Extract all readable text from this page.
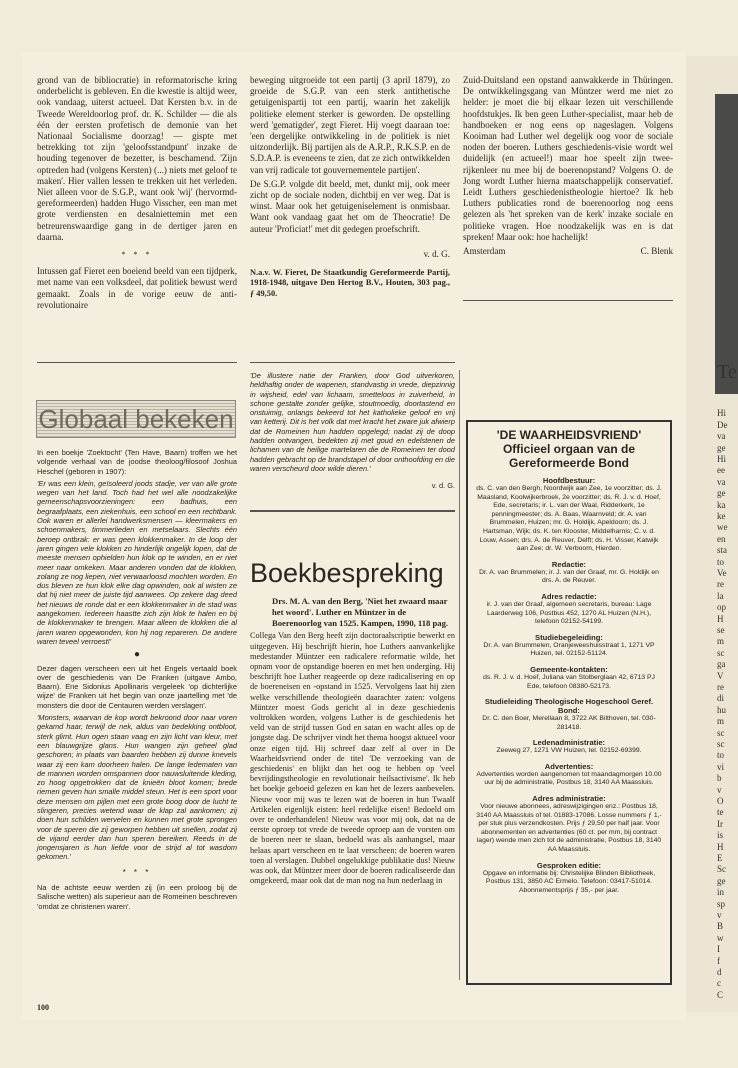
Te
Hi
De
va
ge
Hi
ee
va
ge
ka
ke
we
en
sta
to
Ve
re
la
op
H
se
m
sc
ga
V
re
di
hu
m
sc
sc
to
vi
b
v
O
te
Ir
is
H
E
Sc
ge
in
sp
v
B
w
I
f
d
c
C

grond van de bibliocratie) in reformatorische kring onderbelicht is gebleven. En die kwestie is altijd weer, ook vandaag, uiterst actueel. Dat Kersten b.v. in de Tweede Wereldoorlog prof. dr. K. Schilder — die als één der eersten profetisch de demonie van het Nationaal Socialisme doorzag! — gispte met betrekking tot zijn 'geloofsstandpunt' inzake de houding tegenover de bezetter, is beschamend. 'Zijn optreden had (volgens Kersten) (...) niets met geloof te maken'. Hier vallen lessen te trekken uit het verleden. Niet alleen voor de S.G.P., want ook 'wij' (hervormd-gereformeerden) hadden Hugo Visscher, een man met grote verdiensten en desalniettemin met een betreurenswaardige gang in de dertiger jaren en daarna.

* * *

Intussen gaf Fieret een boeiend beeld van een tijdperk, met name van een volksdeel, dat politiek bewust werd gemaakt. Zoals in de vorige eeuw de anti-revolutionaire

beweging uitgroeide tot een partij (3 april 1879), zo groeide de S.G.P. van een sterk antithetische getuigenispartij tot een partij, waarin het zakelijk politieke element sterker is geworden. De opstelling werd 'gematigder', zegt Fieret. Hij voegt daaraan toe: 'een dergelijke ontwikkeling in de politiek is niet uitzonderlijk. Bij partijen als de A.R.P., R.K.S.P. en de S.D.A.P. is eveneens te zien, dat ze zich ontwikkelden van vrij radicale tot gouvernementele partijen'.

De S.G.P. volgde dit beeld, met, dunkt mij, ook meer zicht op de sociale noden, dichtbij en ver weg. Dat is winst. Maar ook het getuigeniselement is onmisbaar. Want ook vandaag gaat het om de Theocratie! De auteur 'Proficiat!' met dit gedegen proefschrift.

v. d. G.

N.a.v. W. Fieret, De Staatkundig Gereformeerde Partij, 1918-1948, uitgave Den Hertog B.V., Houten, 303 pag., ƒ 49,50.

Zuid-Duitsland een opstand aanwakkerde in Thüringen. De ontwikkelingsgang van Müntzer werd me niet zo helder: je moet die bij elkaar lezen uit verschillende hoofdstukjes. Ik ben geen Luther-specialist, maar heb de handboeken er nog eens op nageslagen. Volgens Kooiman had Luther wel degelijk oog voor de sociale noden der boeren. Luthers geschiedenis-visie wordt wel duidelijk (en actueel!) maar hoe speelt zijn twee-rijkenleer nu mee bij de boerenopstand? Volgens O. de Jong wordt Luther hierna maatschappelijk conservatief. Leidt Luthers geschiedenistheologie hiertoe? Ik heb Luthers publicaties rond de boerenoorlog nog eens gelezen als 'het spreken van de kerk' inzake sociale en politieke vragen. Hoe noodzakelijk was en is dat spreken! Maar ook: hoe hachelijk!

Amsterdam	C. Blenk
Globaal bekeken

In een boekje 'Zoektocht' (Ten Have, Baarn) troffen we het volgende verhaal van de joodse theoloog/filosoof Joshua Heschel (geboren in 1907):

'Er was een klein, geïsoleerd joods stadje, ver van alle grote wegen van het land. Toch had het wel alle noodzakelijke gemeenschapsvoorzieningen: een badhuis, een begraafplaats, een ziekenhuis, een school en een rechtbank. Ook waren er allerlei handwerksmensen — kleermakers en schoenmakers, timmerlieden en metselaars. Slechts één beroep ontbrak: er was geen klokkenmaker. In de loop der jaren gingen vele klokken zo hinderlijk ongelijk lopen, dat de meeste mensen ophielden hun klok op te winden, en er niet meer naar omkeken. Maar anderen vonden dat de klokken, zolang ze nog liepen, niet verwaarloosd mochten worden. En dus bleven ze hun klok elke dag opwinden, ook al wisten ze dat hij niet meer de juiste tijd aanwees. Op zekere dag deed het nieuws de ronde dat er een klokkenmaker in de stad was aangekomen. Iedereen haastte zich zijn klok te halen en bij de klokkenmaker te brengen. Maar alleen de klokken die al jaren waren opgewonden, kon hij nog repareren. De andere waren teveel verroest!'

●

Dezer dagen verscheen een uit het Engels vertaald boek over de geschiedenis van De Franken (uitgave Ambo, Baarn). Ene Sidonius Apollinaris vergeleek 'op dichterlijke wijze' de Franken uit het begin van onze jaartelling met 'de monsters die door de Centauren werden verslagen'.

'Monsters, waarvan de kop wordt bekroond door naar voren gekamd haar, terwijl de nek, aldus van bedekking ontbloot, sterk glimt. Hun ogen staan vaag en zijn licht van kleur, met een blauwgrijze glans. Hun wangen zijn geheel glad geschoren; in plaats van baarden hebben zij dunne knevels waar zij een kam doorheen halen. De lange ledematen van de mannen worden omspannen door nauwsluitende kleding, zo hoog opgetrokken dat de knieën bloot komen; brede riemen geven hun smalle middel steun. Het is een sport voor deze mensen om pijlen met een grote boog door de lucht te slingeren, precies wetend waar de klap zal aankomen; zij doen hun schilden wervelen en kunnen met grote sprongen voor de speren die zij geworpen hebben uit snellen, zodat zij de vijand eerder dan hun speren bereiken. Reeds in de jongensjaren is hun liefde voor de strijd al tot wasdom gekomen.'

* * *

Na de achtste eeuw werden zij (in een proloog bij de Salische wetten) als superieur aan de Romeinen beschreven 'omdat ze christenen waren'.

'De illustere natie der Franken, door God uitverkoren, heldhaftig onder de wapenen, standvastig in vrede, diepzinnig in wijsheid, edel van lichaam, smetteloos in zuiverheid, in schone gestalte zonder gelijke, stoutmoedig, doortastend en onstuimig, onlangs bekeerd tot het katholieke geloof en vrij van ketterij. Dit is het volk dat met kracht het zware juk afwierp dat de Romeinen hun hadden opgelegd; nadat zij de doop hadden ontvangen, bedekten zij met goud en edelstenen de lichamen van de heilige martelaren die de Romeinen ter dood hadden gebracht op de brandstapel of door onthoofding en die waren verscheurd door wilde dieren.'

v. d. G.

Boekbespreking

Drs. M. A. van den Berg, 'Niet het zwaard maar het woord'. Luther en Müntzer in de Boerenoorlog van 1525. Kampen, 1990, 118 pag.

Collega Van den Berg heeft zijn doctoraalscriptie bewerkt en uitgegeven. Hij beschrijft hierin, hoe Luthers aanvankelijke medestander Müntzer een radicalere reformatie wilde, het opnam voor de opstandige boeren en met hen ondergíng. Hij beschrijft hoe Luther reageerde op deze radicalisering en op de boereneisen en -opstand in 1525. Vervolgens laat hij zien welke verschillende theologieën daarachter zaten: volgens Müntzer moest Gods gericht al in deze geschiedenis voltrokken worden, volgens Luther is de geschiedenis het veld van de strijd tussen God en satan en wacht alles op de jongste dag. De schrijver vindt het thema hoogst aktueel voor onze eigen tijd. Hij schreef daar zelf al over in De Waarheidsvriend onder de titel 'De verzoeking van de geschiedenis' en blijkt dan het oog te hebben op 'veel bevrijdingstheologie en revolutionair heilsactivisme'. Ik heb het boekje geboeid gelezen en kan het de lezers aanbevelen. Nieuw voor mij was te lezen wat de boeren in hun Twaalf Artikelen eigenlijk eisten: heel redelijke eisen! Bedoeld om over te onderhandelen! Nieuw was voor mij ook, dat na de eerste oproep tot vrede de tweede oproep aan de vorsten om de boeren neer te slaan, bedoeld was als aanhangsel, maar helaas apart verscheen en te laat verscheen: de boeren waren toen al verslagen. Dubbel ongelukkige publikatie dus! Nieuw was ook, dat Müntzer meer door de boeren radicaliseerde dan omgekeerd, maar ook dat de man nog na hun nederlaag in

'DE WAARHEIDSVRIEND'
Officieel orgaan van de Gereformeerde Bond
Hoofdbestuur:
ds. C. van den Bergh, Noordwijk aan Zee, 1e voorzitter; ds. J. Maasland, Koolwijkerbroek, 2e voorzitter; ds. R. J. v. d. Hoef, Ede, secretaris; ir. L. van der Waal, Ridderkerk, 1e penningmeester; ds. A. Baas, Waarnveld; dr. A. van Brummelen, Huizen; mr. G. Holdijk, Apeldoorn; ds. J. Hartsman, Wijk; ds. K. ten Klooster, Middelharnis; C. v. d. Louw, Assen; drs. A. de Reuver, Delft; ds. H. Visser, Katwijk aan Zee; dr. W. Verboom, Hierden.
Redactie:
Dr. A. van Brummelen; ir. J. van der Graaf, mr. G. Holdijk en drs. A. de Reuver.
Adres redactie:
ir. J. van der Graaf, algemeen secretaris, bureau: Lage Laarderweg 106, Postbus 452, 1270 AL Huizen (N.H.), telefoon 02152-54199.
Studiebegeleiding:
Dr. A. van Brummelen, Oranjeweeshuisstraat 1, 1271 VP Huizen, tel. 02152-51124.
Gemeente-kontakten:
ds. R. J. v. d. Hoef, Juliana van Stolberglaan 42, 6713 PJ Ede, telefoon 08380-52173.
Studieleiding Theologische Hogeschool Geref. Bond:
Dr. C. den Boer, Merellaan 8, 3722 AK Bilthoven, tel. 030-281418.
Ledenadministratie:
Zeeweg 27, 1271 VW Huizen, tel. 02152-69399.
Advertenties:
Advertenties worden aangenomen tot maandagmorgen 10.00 uur bij de administratie, Postbus 18, 3140 AA Maassluis.
Adres administratie:
Voor nieuwe abonnees, adreswijzigingen enz.: Postbus 18, 3140 AA Maassluis of tel. 01883-17086. Losse nummers ƒ 1,- per stuk plus verzendkosten. Prijs ƒ 29,50 per half jaar. Voor abonnementen en advertenties (60 ct. per mm, bij contract lager) wende men zich tot de administratie, Postbus 18, 3140 AA Maassluis.
Gesproken editie:
Opgave en informatie bij: Christelijke Blinden Bibliotheek, Postbus 131, 3850 AC Ermelo. Telefoon: 03417-51014. Abonnementsprijs ƒ 35,- per jaar.
100
